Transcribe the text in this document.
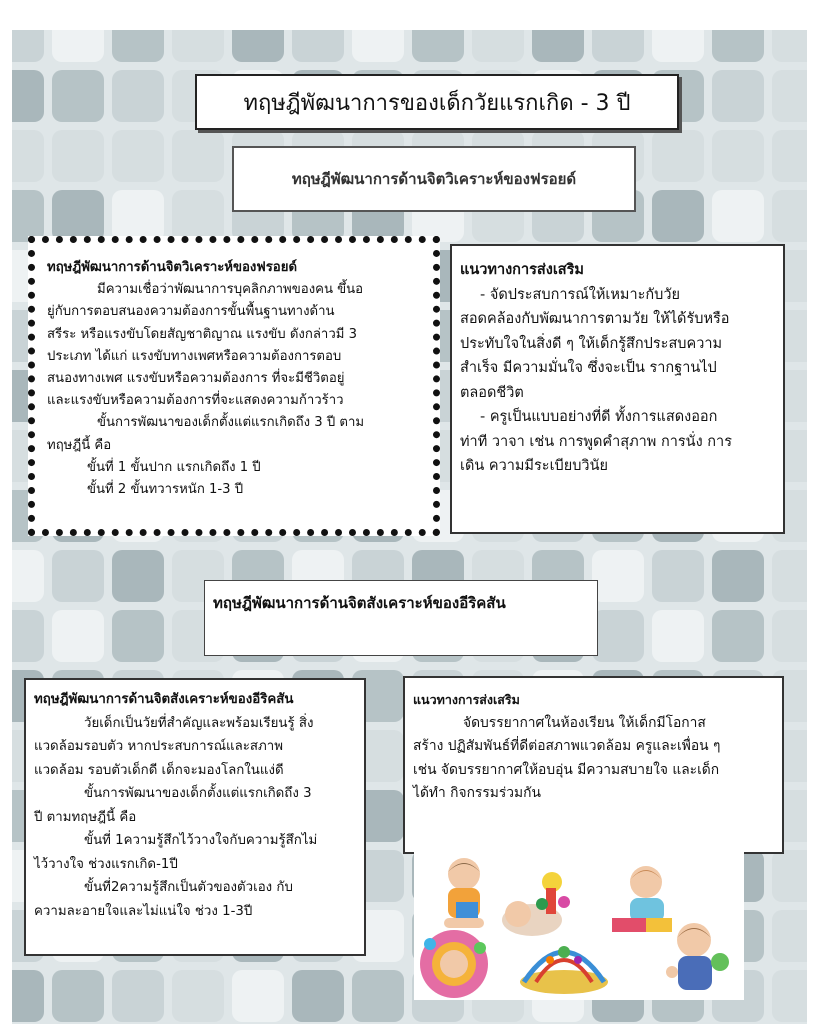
ทฤษฎีพัฒนาการของเด็กวัยแรกเกิด - 3 ปี
ทฤษฎีพัฒนาการด้านจิตวิเคราะห์ของฟรอยด์
ทฤษฎีพัฒนาการด้านจิตวิเคราะห์ของฟรอยด์
มีความเชื่อว่าพัฒนาการบุคลิกภาพของคน ขึ้นอ
ยู่กับการตอบสนองความต้องการขั้นพื้นฐานทางด้าน
สรีระ หรือแรงขับโดยสัญชาติญาณ แรงขับ ดังกล่าวมี 3
ประเภท ได้แก่ แรงขับทางเพศหรือความต้องการตอบ
สนองทางเพศ แรงขับหรือความต้องการ ที่จะมีชีวิตอยู่
และแรงขับหรือความต้องการที่จะแสดงความก้าวร้าว
ขั้นการพัฒนาของเด็กตั้งแต่แรกเกิดถึง 3 ปี ตาม
ทฤษฎีนี้ คือ
ขั้นที่ 1 ขั้นปาก แรกเกิดถึง 1 ปี
ขั้นที่ 2 ขั้นทวารหนัก 1-3 ปี
แนวทางการส่งเสริม
- จัดประสบการณ์ให้เหมาะกับวัย
สอดคล้องกับพัฒนาการตามวัย ให้ได้รับหรือ
ประทับใจในสิ่งดี ๆ ให้เด็กรู้สึกประสบความ
สำเร็จ มีความมั่นใจ ซึ่งจะเป็น รากฐานไป
ตลอดชีวิต
- ครูเป็นแบบอย่างที่ดี ทั้งการแสดงออก
ท่าที วาจา เช่น การพูดคำสุภาพ การนั่ง การ
เดิน ความมีระเบียบวินัย
ทฤษฎีพัฒนาการด้านจิตสังเคราะห์ของอีริคสัน
ทฤษฎีพัฒนาการด้านจิตสังเคราะห์ของอีริคสัน
วัยเด็กเป็นวัยที่สำคัญและพร้อมเรียนรู้ สิ่ง
แวดล้อมรอบตัว หากประสบการณ์และสภาพ
แวดล้อม รอบตัวเด็กดี เด็กจะมองโลกในแง่ดี
ขั้นการพัฒนาของเด็กตั้งแต่แรกเกิดถึง 3
ปี ตามทฤษฎีนี้ คือ
ขั้นที่ 1ความรู้สึกไว้วางใจกับความรู้สึกไม่
ไว้วางใจ ช่วงแรกเกิด-1ปี
ขั้นที่2ความรู้สึกเป็นตัวของตัวเอง กับ
ความละอายใจและไม่แน่ใจ ช่วง 1-3ปี
แนวทางการส่งเสริม
จัดบรรยากาศในห้องเรียน ให้เด็กมีโอกาส
สร้าง ปฏิสัมพันธ์ที่ดีต่อสภาพแวดล้อม ครูและเพื่อน ๆ
เช่น จัดบรรยากาศให้อบอุ่น มีความสบายใจ และเด็ก
ได้ทำ กิจกรรมร่วมกัน
